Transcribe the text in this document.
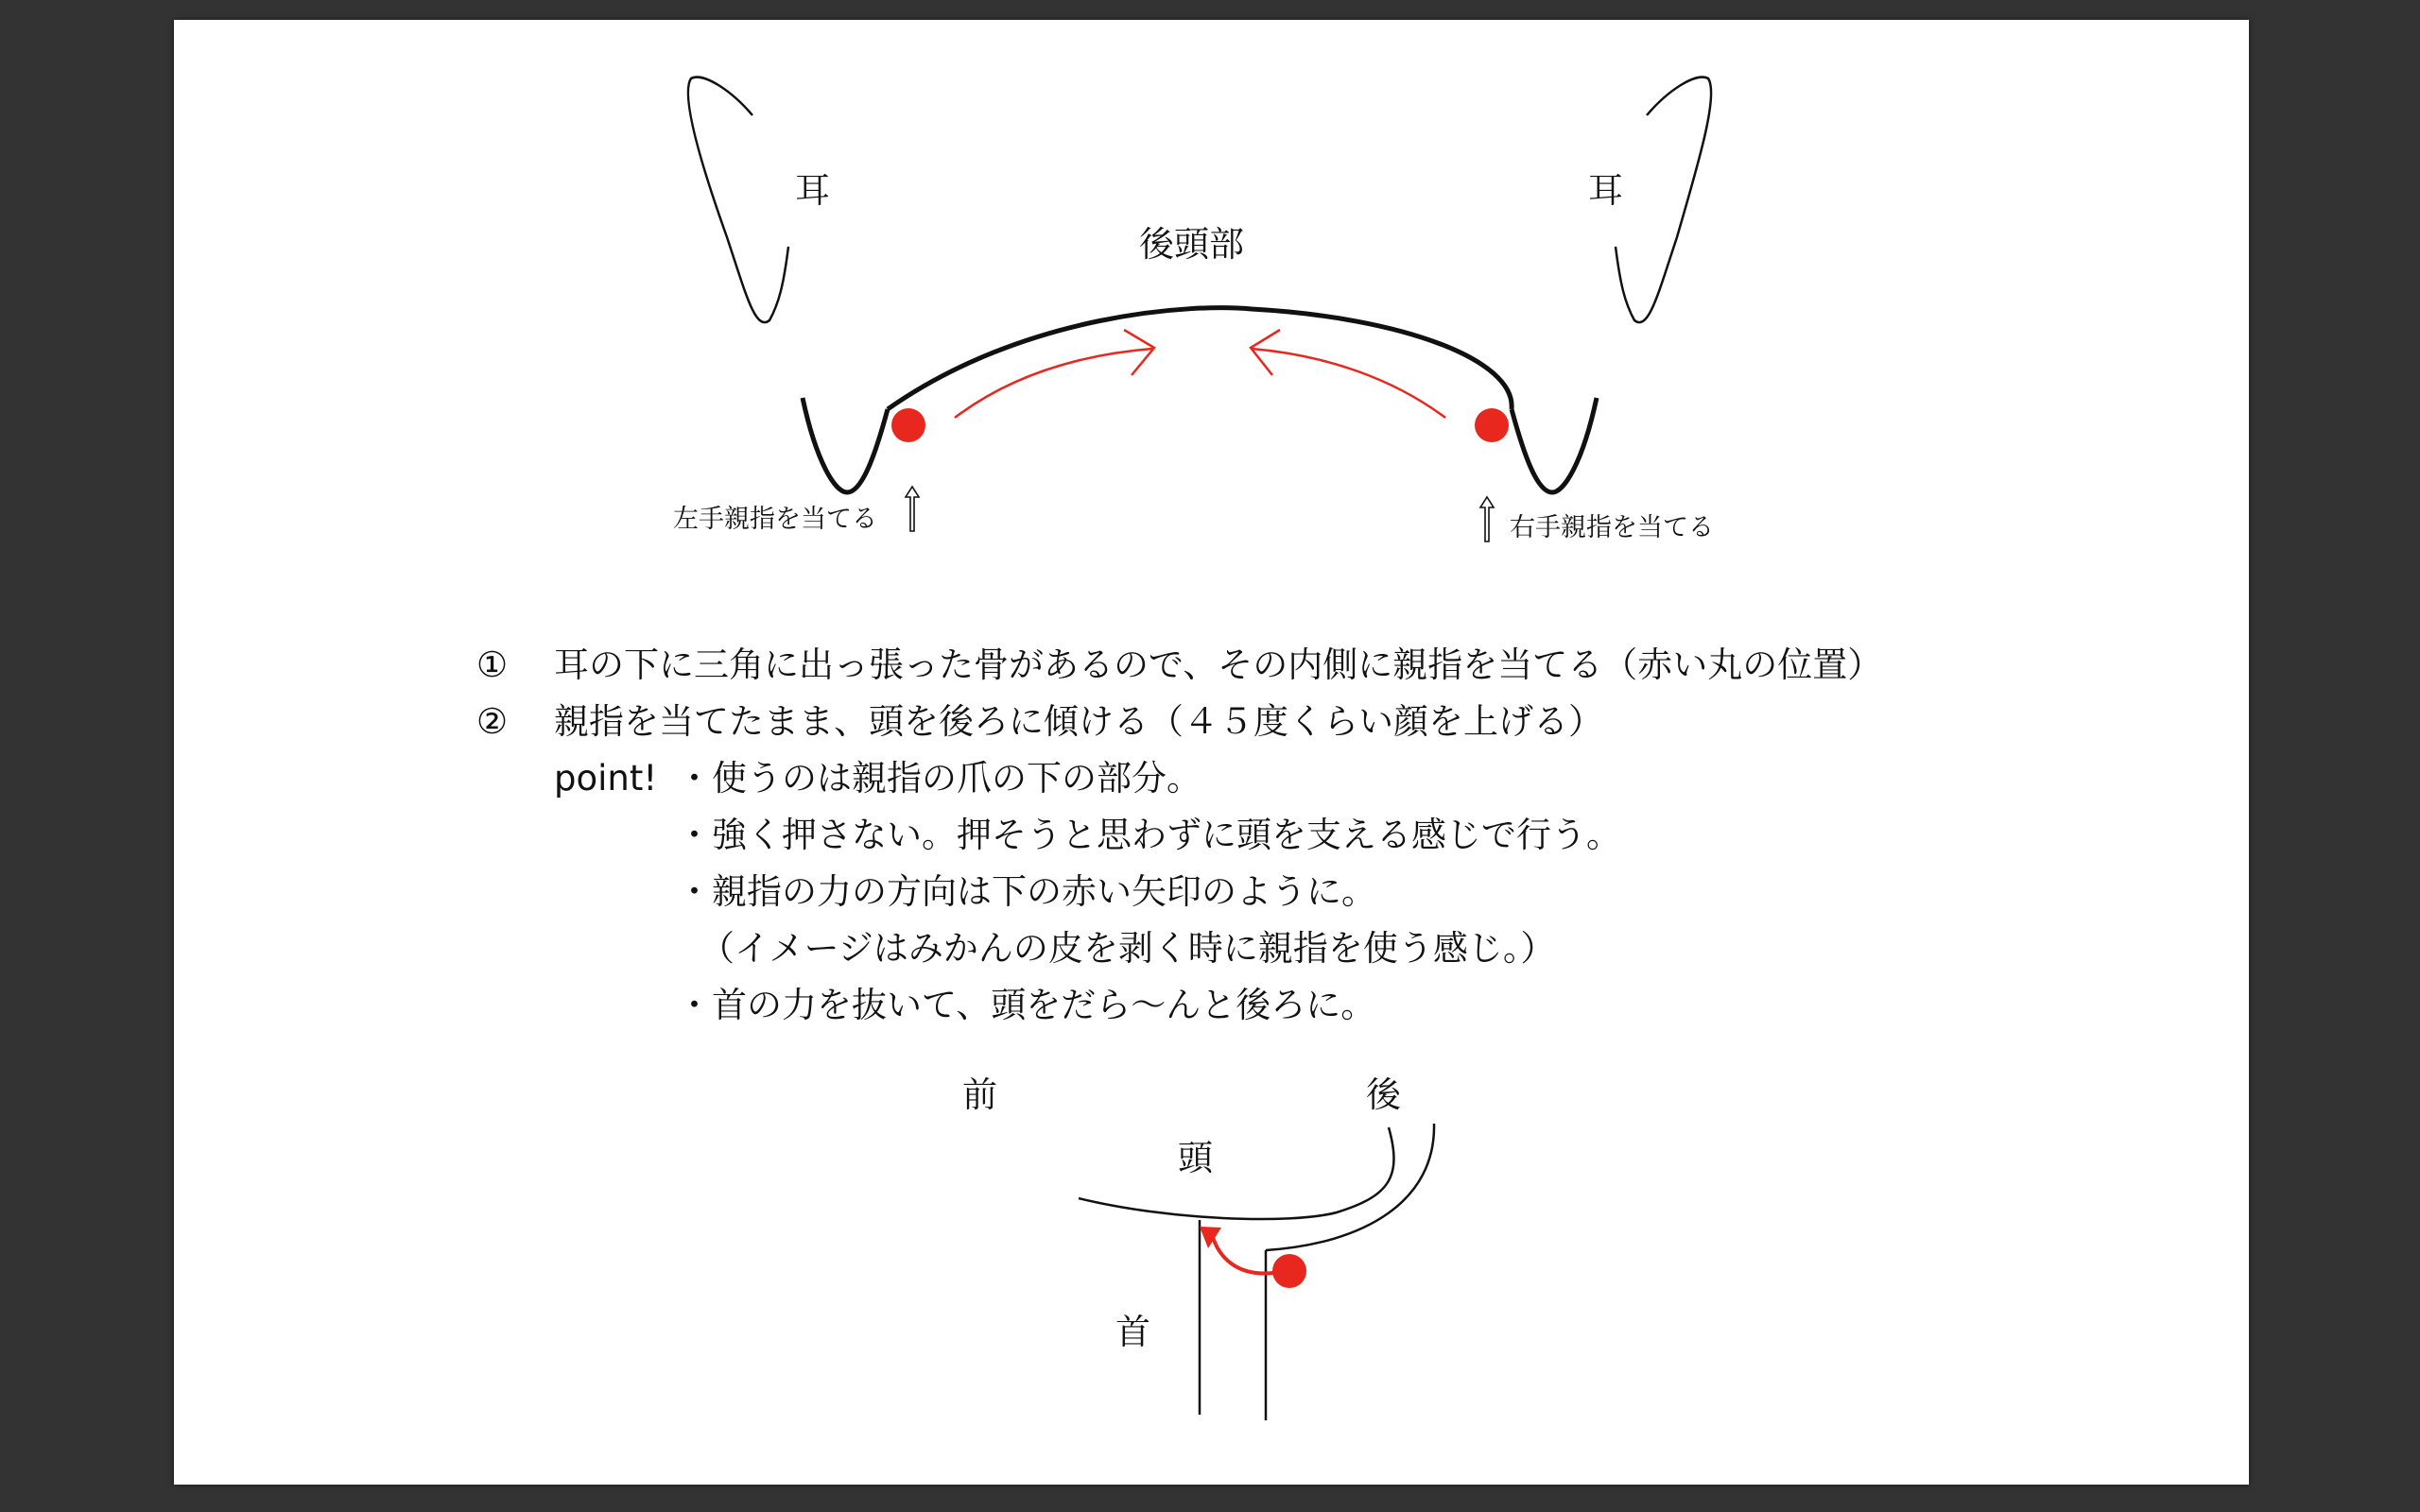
耳	耳
後頭部
左手親指を当てる	右手親指を当てる
① 耳の下に三角に出っ張った骨があるので、その内側に親指を当てる（赤い丸の位置）
② 親指を当てたまま、頭を後ろに傾ける（４５度くらい顔を上げる）
point! ・使うのは親指の爪の下の部分。
・強く押さない。押そうと思わずに頭を支える感じで行う。
・親指の力の方向は下の赤い矢印のように。
（イメージはみかんの皮を剥く時に親指を使う感じ。）
・首の力を抜いて、頭をだら〜んと後ろに。
前	後
頭
首
